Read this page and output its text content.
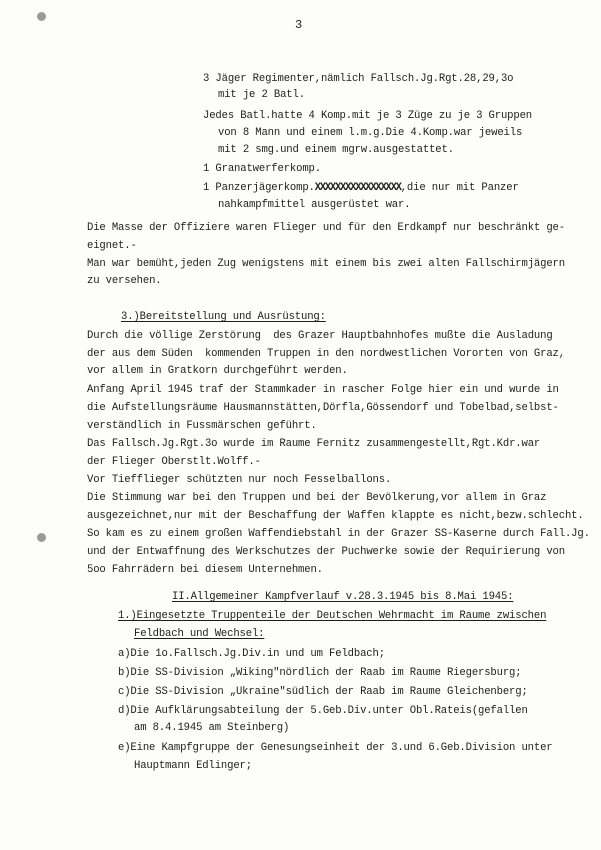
3
3 Jäger Regimenter,nämlich Fallsch.Jg.Rgt.28,29,3o
mit je 2 Batl.
Jedes Batl.hatte 4 Komp.mit je 3 Züge zu je 3 Gruppen
von 8 Mann und einem l.m.g.Die 4.Komp.war jeweils
mit 2 smg.und einem mgrw.ausgestattet.
1 Granatwerferkomp.
1 Panzerjägerkomp.XXXXXXXXXXXXXXXXX,die nur mit Panzer
nahkampfmittel ausgerüstet war.
Die Masse der Offiziere waren Flieger und für den Erdkampf nur beschränkt ge-
eignet.-
Man war bemüht,jeden Zug wenigstens mit einem bis zwei alten Fallschirmjägern
zu versehen.
3.)Bereitstellung und Ausrüstung:
Durch die völlige Zerstörung  des Grazer Hauptbahnhofes mußte die Ausladung
der aus dem Süden  kommenden Truppen in den nordwestlichen Vororten von Graz,
vor allem in Gratkorn durchgeführt werden.
Anfang April 1945 traf der Stammkader in rascher Folge hier ein und wurde in
die Aufstellungsräume Hausmannstätten,Dörfla,Gössendorf und Tobelbad,selbst-
verständlich in Fussmärschen geführt.
Das Fallsch.Jg.Rgt.3o wurde im Raume Fernitz zusammengestellt,Rgt.Kdr.war
der Flieger Oberstlt.Wolff.-
Vor Tiefflieger schützten nur noch Fesselballons.
Die Stimmung war bei den Truppen und bei der Bevölkerung,vor allem in Graz
ausgezeichnet,nur mit der Beschaffung der Waffen klappte es nicht,bezw.schlecht.
So kam es zu einem großen Waffendiebstahl in der Grazer SS-Kaserne durch Fall.Jg.
und der Entwaffnung des Werkschutzes der Puchwerke sowie der Requirierung von
5oo Fahrrädern bei diesem Unternehmen.
II.Allgemeiner Kampfverlauf v.28.3.1945 bis 8.Mai 1945:
1.)Eingesetzte Truppenteile der Deutschen Wehrmacht im Raume zwischen
Feldbach und Wechsel:
a)Die 1o.Fallsch.Jg.Div.in und um Feldbach;
b)Die SS-Division „Wiking"nördlich der Raab im Raume Riegersburg;
c)Die SS-Division „Ukraine"südlich der Raab im Raume Gleichenberg;
d)Die Aufklärungsabteilung der 5.Geb.Div.unter Obl.Rateis(gefallen
am 8.4.1945 am Steinberg)
e)Eine Kampfgruppe der Genesungseinheit der 3.und 6.Geb.Division unter
Hauptmann Edlinger;
